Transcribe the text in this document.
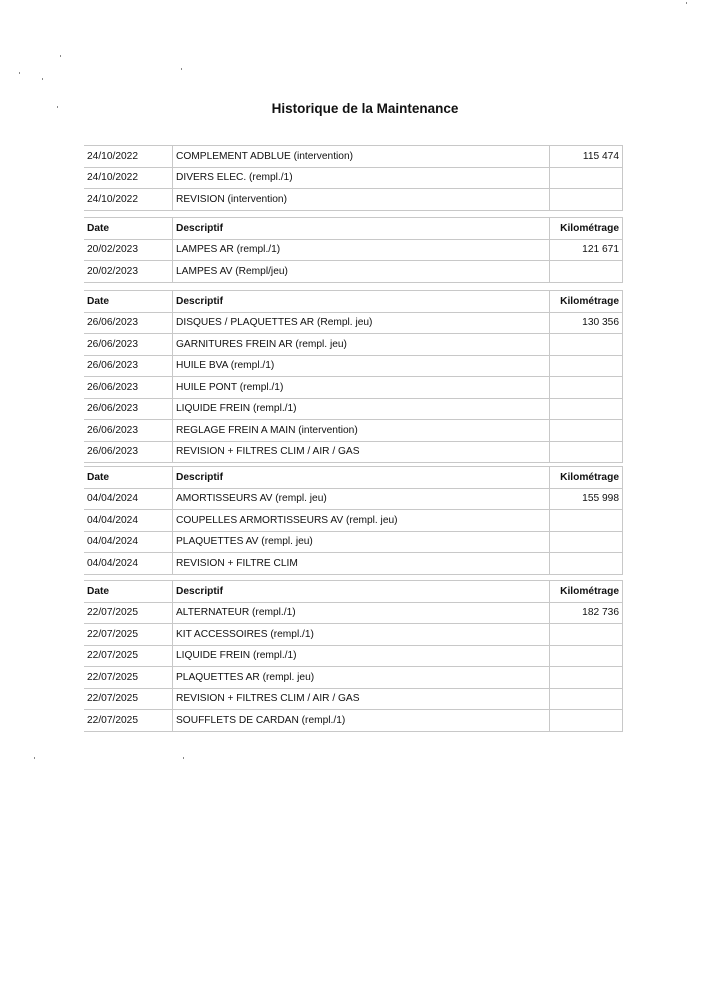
Historique de la Maintenance
24/10/2022	COMPLEMENT ADBLUE (intervention)	115 474
24/10/2022	DIVERS ELEC. (rempl./1)	
24/10/2022	REVISION (intervention)	
Date	Descriptif	Kilométrage
20/02/2023	LAMPES AR (rempl./1)	121 671
20/02/2023	LAMPES AV (Rempl/jeu)	
Date	Descriptif	Kilométrage
26/06/2023	DISQUES / PLAQUETTES AR (Rempl. jeu)	130 356
26/06/2023	GARNITURES FREIN AR (rempl. jeu)	
26/06/2023	HUILE BVA (rempl./1)	
26/06/2023	HUILE PONT (rempl./1)	
26/06/2023	LIQUIDE FREIN (rempl./1)	
26/06/2023	REGLAGE FREIN A MAIN (intervention)	
26/06/2023	REVISION + FILTRES CLIM / AIR / GAS	
Date	Descriptif	Kilométrage
04/04/2024	AMORTISSEURS AV (rempl. jeu)	155 998
04/04/2024	COUPELLES ARMORTISSEURS AV (rempl. jeu)	
04/04/2024	PLAQUETTES AV (rempl. jeu)	
04/04/2024	REVISION + FILTRE CLIM	
Date	Descriptif	Kilométrage
22/07/2025	ALTERNATEUR (rempl./1)	182 736
22/07/2025	KIT ACCESSOIRES (rempl./1)	
22/07/2025	LIQUIDE FREIN (rempl./1)	
22/07/2025	PLAQUETTES AR (rempl. jeu)	
22/07/2025	REVISION + FILTRES CLIM / AIR / GAS	
22/07/2025	SOUFFLETS DE CARDAN (rempl./1)	
